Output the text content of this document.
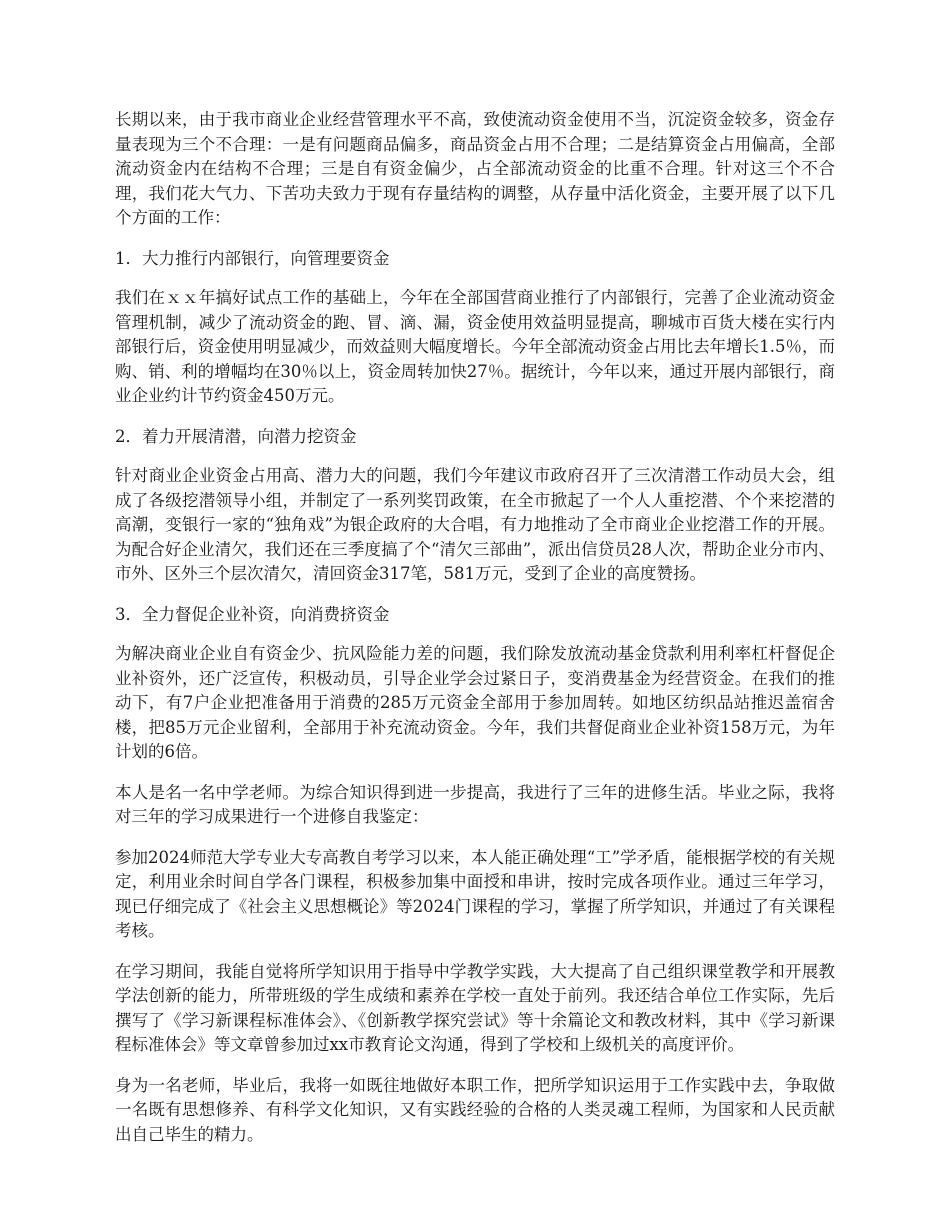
长期以来，由于我市商业企业经营管理水平不高，致使流动资金使用不当，沉淀资金较多，资金存量表现为三个不合理：一是有问题商品偏多，商品资金占用不合理；二是结算资金占用偏高，全部流动资金内在结构不合理；三是自有资金偏少，占全部流动资金的比重不合理。针对这三个不合理，我们花大气力、下苦功夫致力于现有存量结构的调整，从存量中活化资金，主要开展了以下几个方面的工作：

1．大力推行内部银行，向管理要资金

我们在ｘｘ年搞好试点工作的基础上，今年在全部国营商业推行了内部银行，完善了企业流动资金管理机制，减少了流动资金的跑、冒、滴、漏，资金使用效益明显提高，聊城市百货大楼在实行内部银行后，资金使用明显减少，而效益则大幅度增长。今年全部流动资金占用比去年增长1.5％，而购、销、利的增幅均在30％以上，资金周转加快27％。据统计，今年以来，通过开展内部银行，商业企业约计节约资金450万元。

2．着力开展清潜，向潜力挖资金

针对商业企业资金占用高、潜力大的问题，我们今年建议市政府召开了三次清潜工作动员大会，组成了各级挖潜领导小组，并制定了一系列奖罚政策，在全市掀起了一个人人重挖潜、个个来挖潜的高潮，变银行一家的“独角戏”为银企政府的大合唱，有力地推动了全市商业企业挖潜工作的开展。为配合好企业清欠，我们还在三季度搞了个“清欠三部曲”，派出信贷员28人次，帮助企业分市内、市外、区外三个层次清欠，清回资金317笔，581万元，受到了企业的高度赞扬。

3．全力督促企业补资，向消费挤资金

为解决商业企业自有资金少、抗风险能力差的问题，我们除发放流动基金贷款利用利率杠杆督促企业补资外，还广泛宣传，积极动员，引导企业学会过紧日子，变消费基金为经营资金。在我们的推动下，有7户企业把准备用于消费的285万元资金全部用于参加周转。如地区纺织品站推迟盖宿舍楼，把85万元企业留利，全部用于补充流动资金。今年，我们共督促商业企业补资158万元，为年计划的6倍。

本人是名一名中学老师。为综合知识得到进一步提高，我进行了三年的进修生活。毕业之际，我将对三年的学习成果进行一个进修自我鉴定：

参加2024师范大学专业大专高教自考学习以来，本人能正确处理“工”学矛盾，能根据学校的有关规定，利用业余时间自学各门课程，积极参加集中面授和串讲，按时完成各项作业。通过三年学习，现已仔细完成了《社会主义思想概论》等2024门课程的学习，掌握了所学知识，并通过了有关课程考核。

在学习期间，我能自觉将所学知识用于指导中学教学实践，大大提高了自己组织课堂教学和开展教学法创新的能力，所带班级的学生成绩和素养在学校一直处于前列。我还结合单位工作实际，先后撰写了《学习新课程标准体会》、《创新教学探究尝试》等十余篇论文和教改材料，其中《学习新课程标准体会》等文章曾参加过xx市教育论文沟通，得到了学校和上级机关的高度评价。

身为一名老师，毕业后，我将一如既往地做好本职工作，把所学知识运用于工作实践中去，争取做一名既有思想修养、有科学文化知识，又有实践经验的合格的人类灵魂工程师，为国家和人民贡献出自己毕生的精力。
